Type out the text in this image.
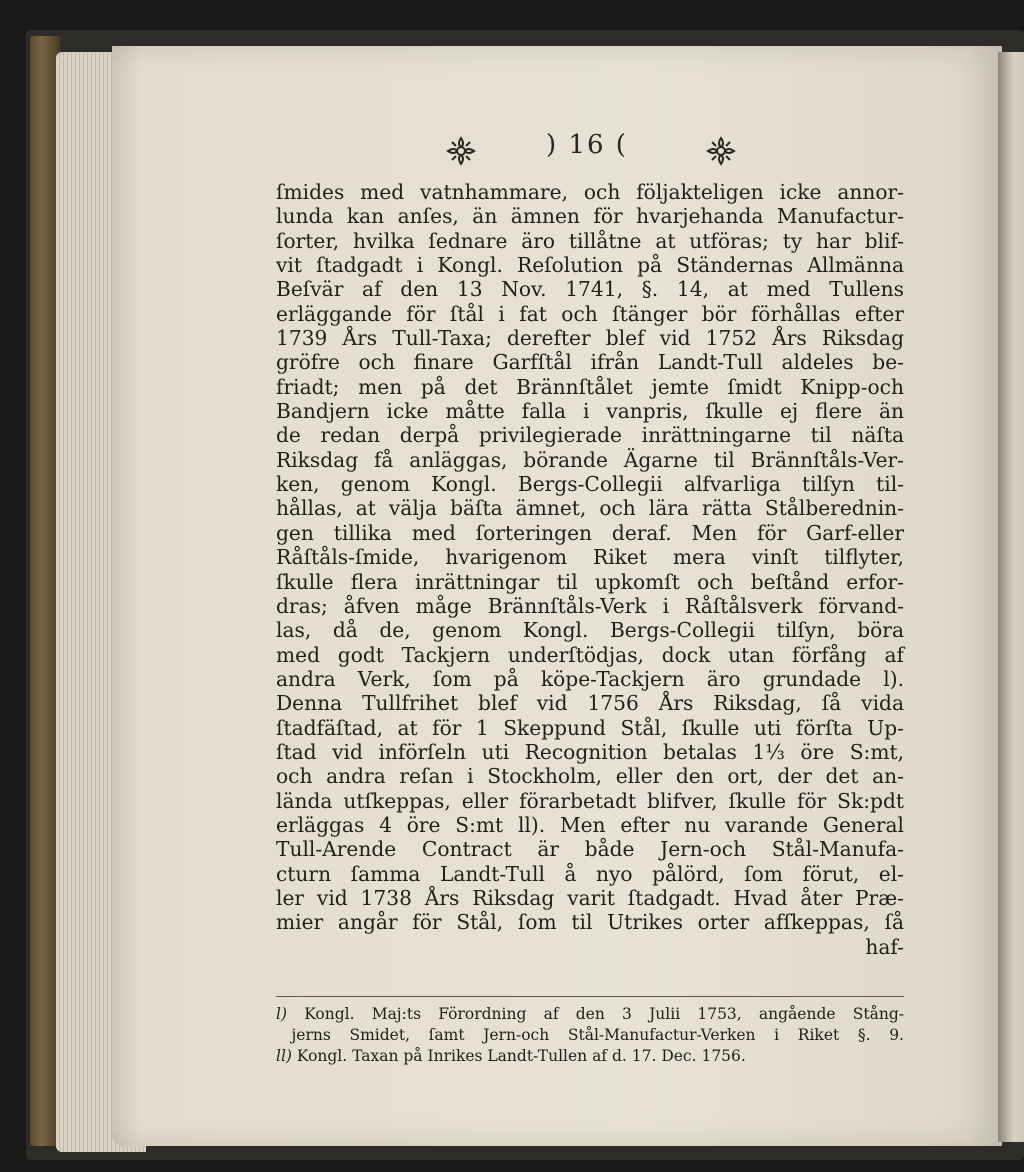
) 16 (
ſmides med vatnhammare, och följakteligen icke annor-
lunda kan anſes, än ämnen för hvarjehanda Manufactur-
ſorter, hvilka ſednare äro tillåtne at utföras; ty har blif-
vit ſtadgadt i Kongl. Reſolution på Ständernas Allmänna
Beſvär af den 13 Nov. 1741, §. 14, at med Tullens
erläggande för ſtål i fat och ſtänger bör förhållas efter
1739 Års Tull-Taxa; derefter blef vid 1752 Års Riksdag
gröfre och finare Garfſtål ifrån Landt-Tull aldeles be-
friadt; men på det Brännſtålet jemte ſmidt Knipp-och
Bandjern icke måtte falla i vanpris, ſkulle ej flere än
de redan derpå privilegierade inrättningarne til näſta
Riksdag få anläggas, börande Ägarne til Brännſtåls-Ver-
ken, genom Kongl. Bergs-Collegii alfvarliga tilſyn til-
hållas, at välja bäſta ämnet, och lära rätta Stålberednin-
gen tillika med ſorteringen deraf. Men för Garf-eller
Råſtåls-ſmide, hvarigenom Riket mera vinſt tilflyter,
ſkulle flera inrättningar til upkomſt och beſtånd erfor-
dras; åfven måge Brännſtåls-Verk i Råſtålsverk förvand-
las, då de, genom Kongl. Bergs-Collegii tilſyn, böra
med godt Tackjern underſtödjas, dock utan förfång af
andra Verk, ſom på köpe-Tackjern äro grundade l).
Denna Tullfrihet blef vid 1756 Års Riksdag, ſå vida
ſtadfäſtad, at för 1 Skeppund Stål, ſkulle uti förſta Up-
ſtad vid införſeln uti Recognition betalas 1⅓ öre S:mt,
och andra reſan i Stockholm, eller den ort, der det an-
lända utſkeppas, eller förarbetadt blifver, ſkulle för Sk:pdt
erläggas 4 öre S:mt ll). Men efter nu varande General
Tull-Arende Contract är både Jern-och Stål-Manufa-
cturn ſamma Landt-Tull å nyo pålörd, ſom förut, el-
ler vid 1738 Års Riksdag varit ſtadgadt. Hvad åter Præ-
mier angår för Stål, ſom til Utrikes orter afſkeppas, ſå
haf-
l) Kongl. Maj:ts Förordning af den 3 Julii 1753, angående Stång-
 jerns Smidet, ſamt Jern-och Stål-Manufactur-Verken i Riket §. 9.
ll) Kongl. Taxan på Inrikes Landt-Tullen af d. 17. Dec. 1756.
